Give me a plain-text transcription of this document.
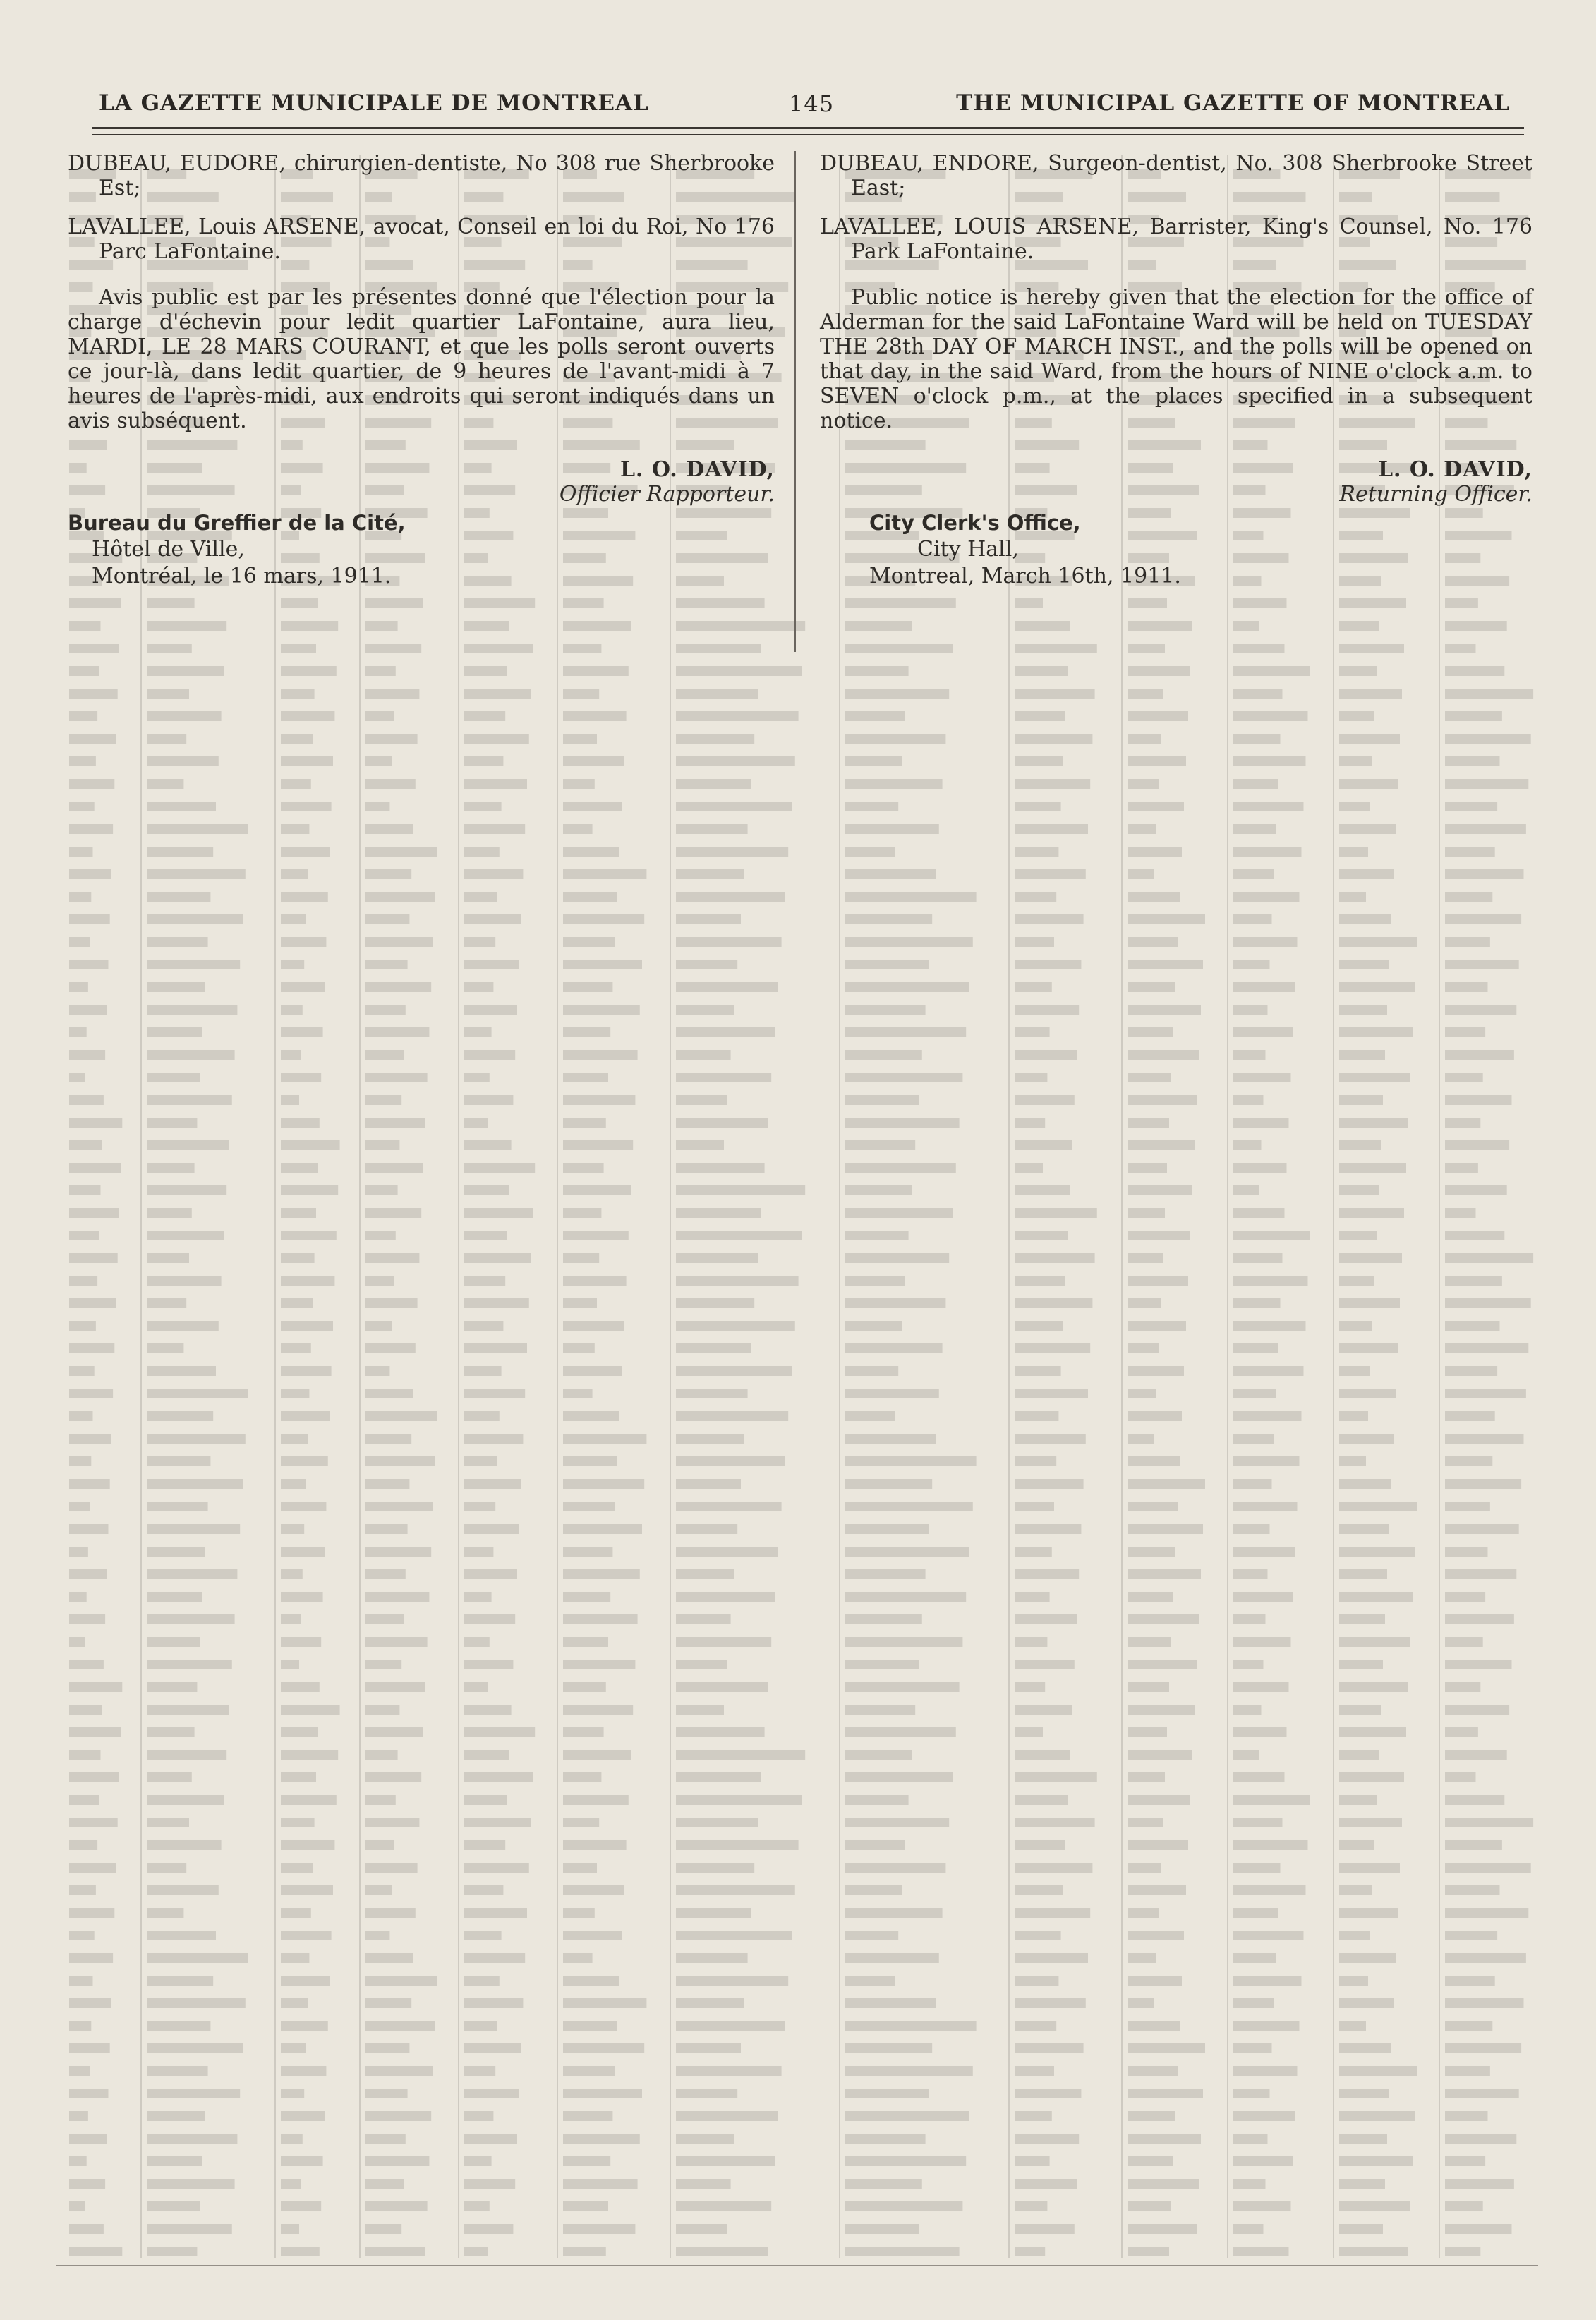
LA GAZETTE MUNICIPALE DE MONTREAL	145	THE MUNICIPAL GAZETTE OF MONTREAL

DUBEAU, EUDORE, chirurgien-dentiste, No 308 rue Sherbrooke Est;

LAVALLEE, Louis ARSENE, avocat, Conseil en loi du Roi, No 176 Parc LaFontaine.

Avis public est par les présentes donné que l'élection pour la charge d'échevin pour ledit quartier LaFontaine, aura lieu, MARDI, LE 28 MARS COURANT, et que les polls seront ouverts ce jour-là, dans ledit quartier, de 9 heures de l'avant-midi à 7 heures de l'après-midi, aux endroits qui seront indiqués dans un avis subséquent.

L. O. DAVID,
Officier Rapporteur.
Bureau du Greffier de la Cité,
Hôtel de Ville,
Montréal, le 16 mars, 1911.

DUBEAU, ENDORE, Surgeon-dentist, No. 308 Sherbrooke Street East;

LAVALLEE, LOUIS ARSENE, Barrister, King's Counsel, No. 176 Park LaFontaine.

Public notice is hereby given that the election for the office of Alderman for the said LaFontaine Ward will be held on TUESDAY THE 28th DAY OF MARCH INST., and the polls will be opened on that day, in the said Ward, from the hours of NINE o'clock a.m. to SEVEN o'clock p.m., at the places specified in a subsequent notice.

L. O. DAVID,
Returning Officer.
City Clerk's Office,
City Hall,
Montreal, March 16th, 1911.
